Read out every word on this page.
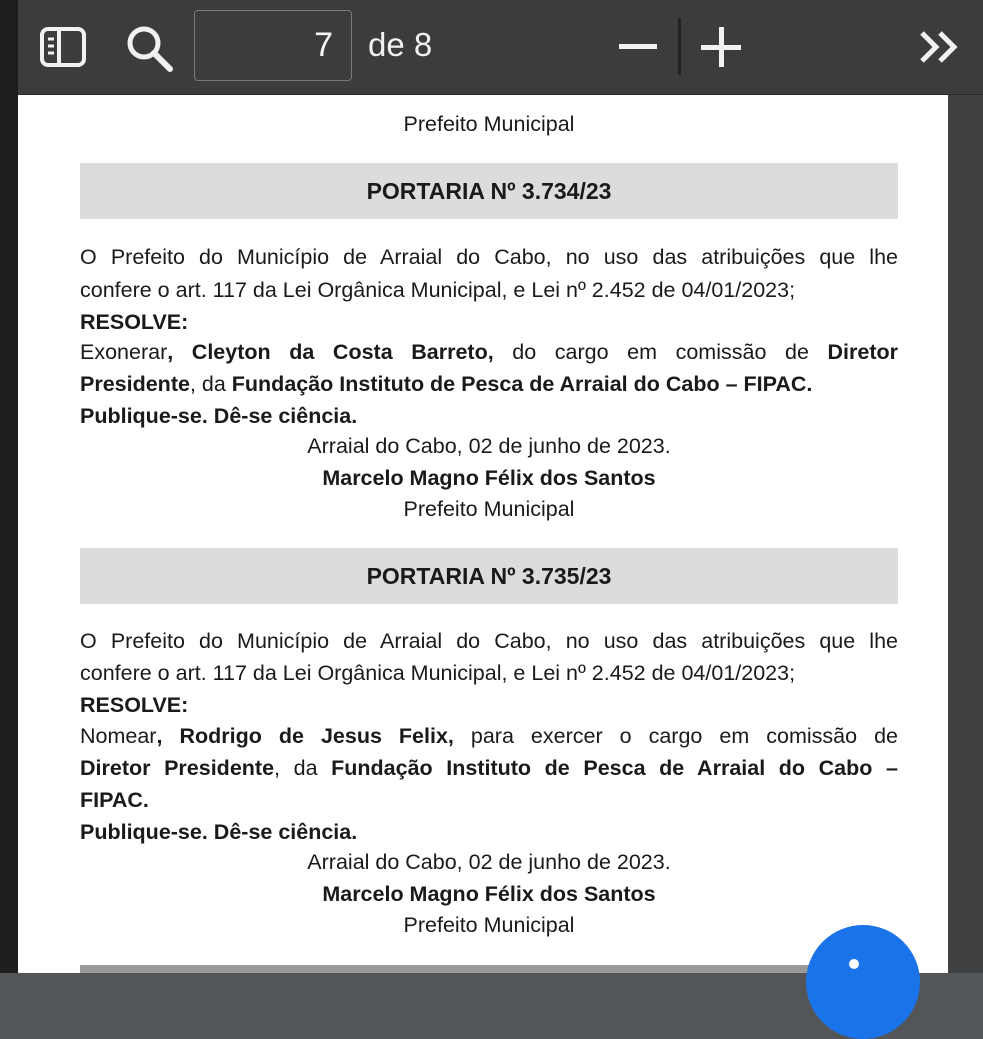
7
de 8
Prefeito Municipal
PORTARIA Nº 3.734/23
O Prefeito do Município de Arraial do Cabo, no uso das atribuições que lhe
confere o art. 117 da Lei Orgânica Municipal, e Lei nº 2.452 de 04/01/2023;
RESOLVE:
Exonerar, Cleyton da Costa Barreto, do cargo em comissão de Diretor
Presidente, da Fundação Instituto de Pesca de Arraial do Cabo – FIPAC.
Publique-se. Dê-se ciência.
Arraial do Cabo, 02 de junho de 2023.
Marcelo Magno Félix dos Santos
Prefeito Municipal
PORTARIA Nº 3.735/23
O Prefeito do Município de Arraial do Cabo, no uso das atribuições que lhe
confere o art. 117 da Lei Orgânica Municipal, e Lei nº 2.452 de 04/01/2023;
RESOLVE:
Nomear, Rodrigo de Jesus Felix, para exercer o cargo em comissão de
Diretor Presidente, da Fundação Instituto de Pesca de Arraial do Cabo –
FIPAC.
Publique-se. Dê-se ciência.
Arraial do Cabo, 02 de junho de 2023.
Marcelo Magno Félix dos Santos
Prefeito Municipal
